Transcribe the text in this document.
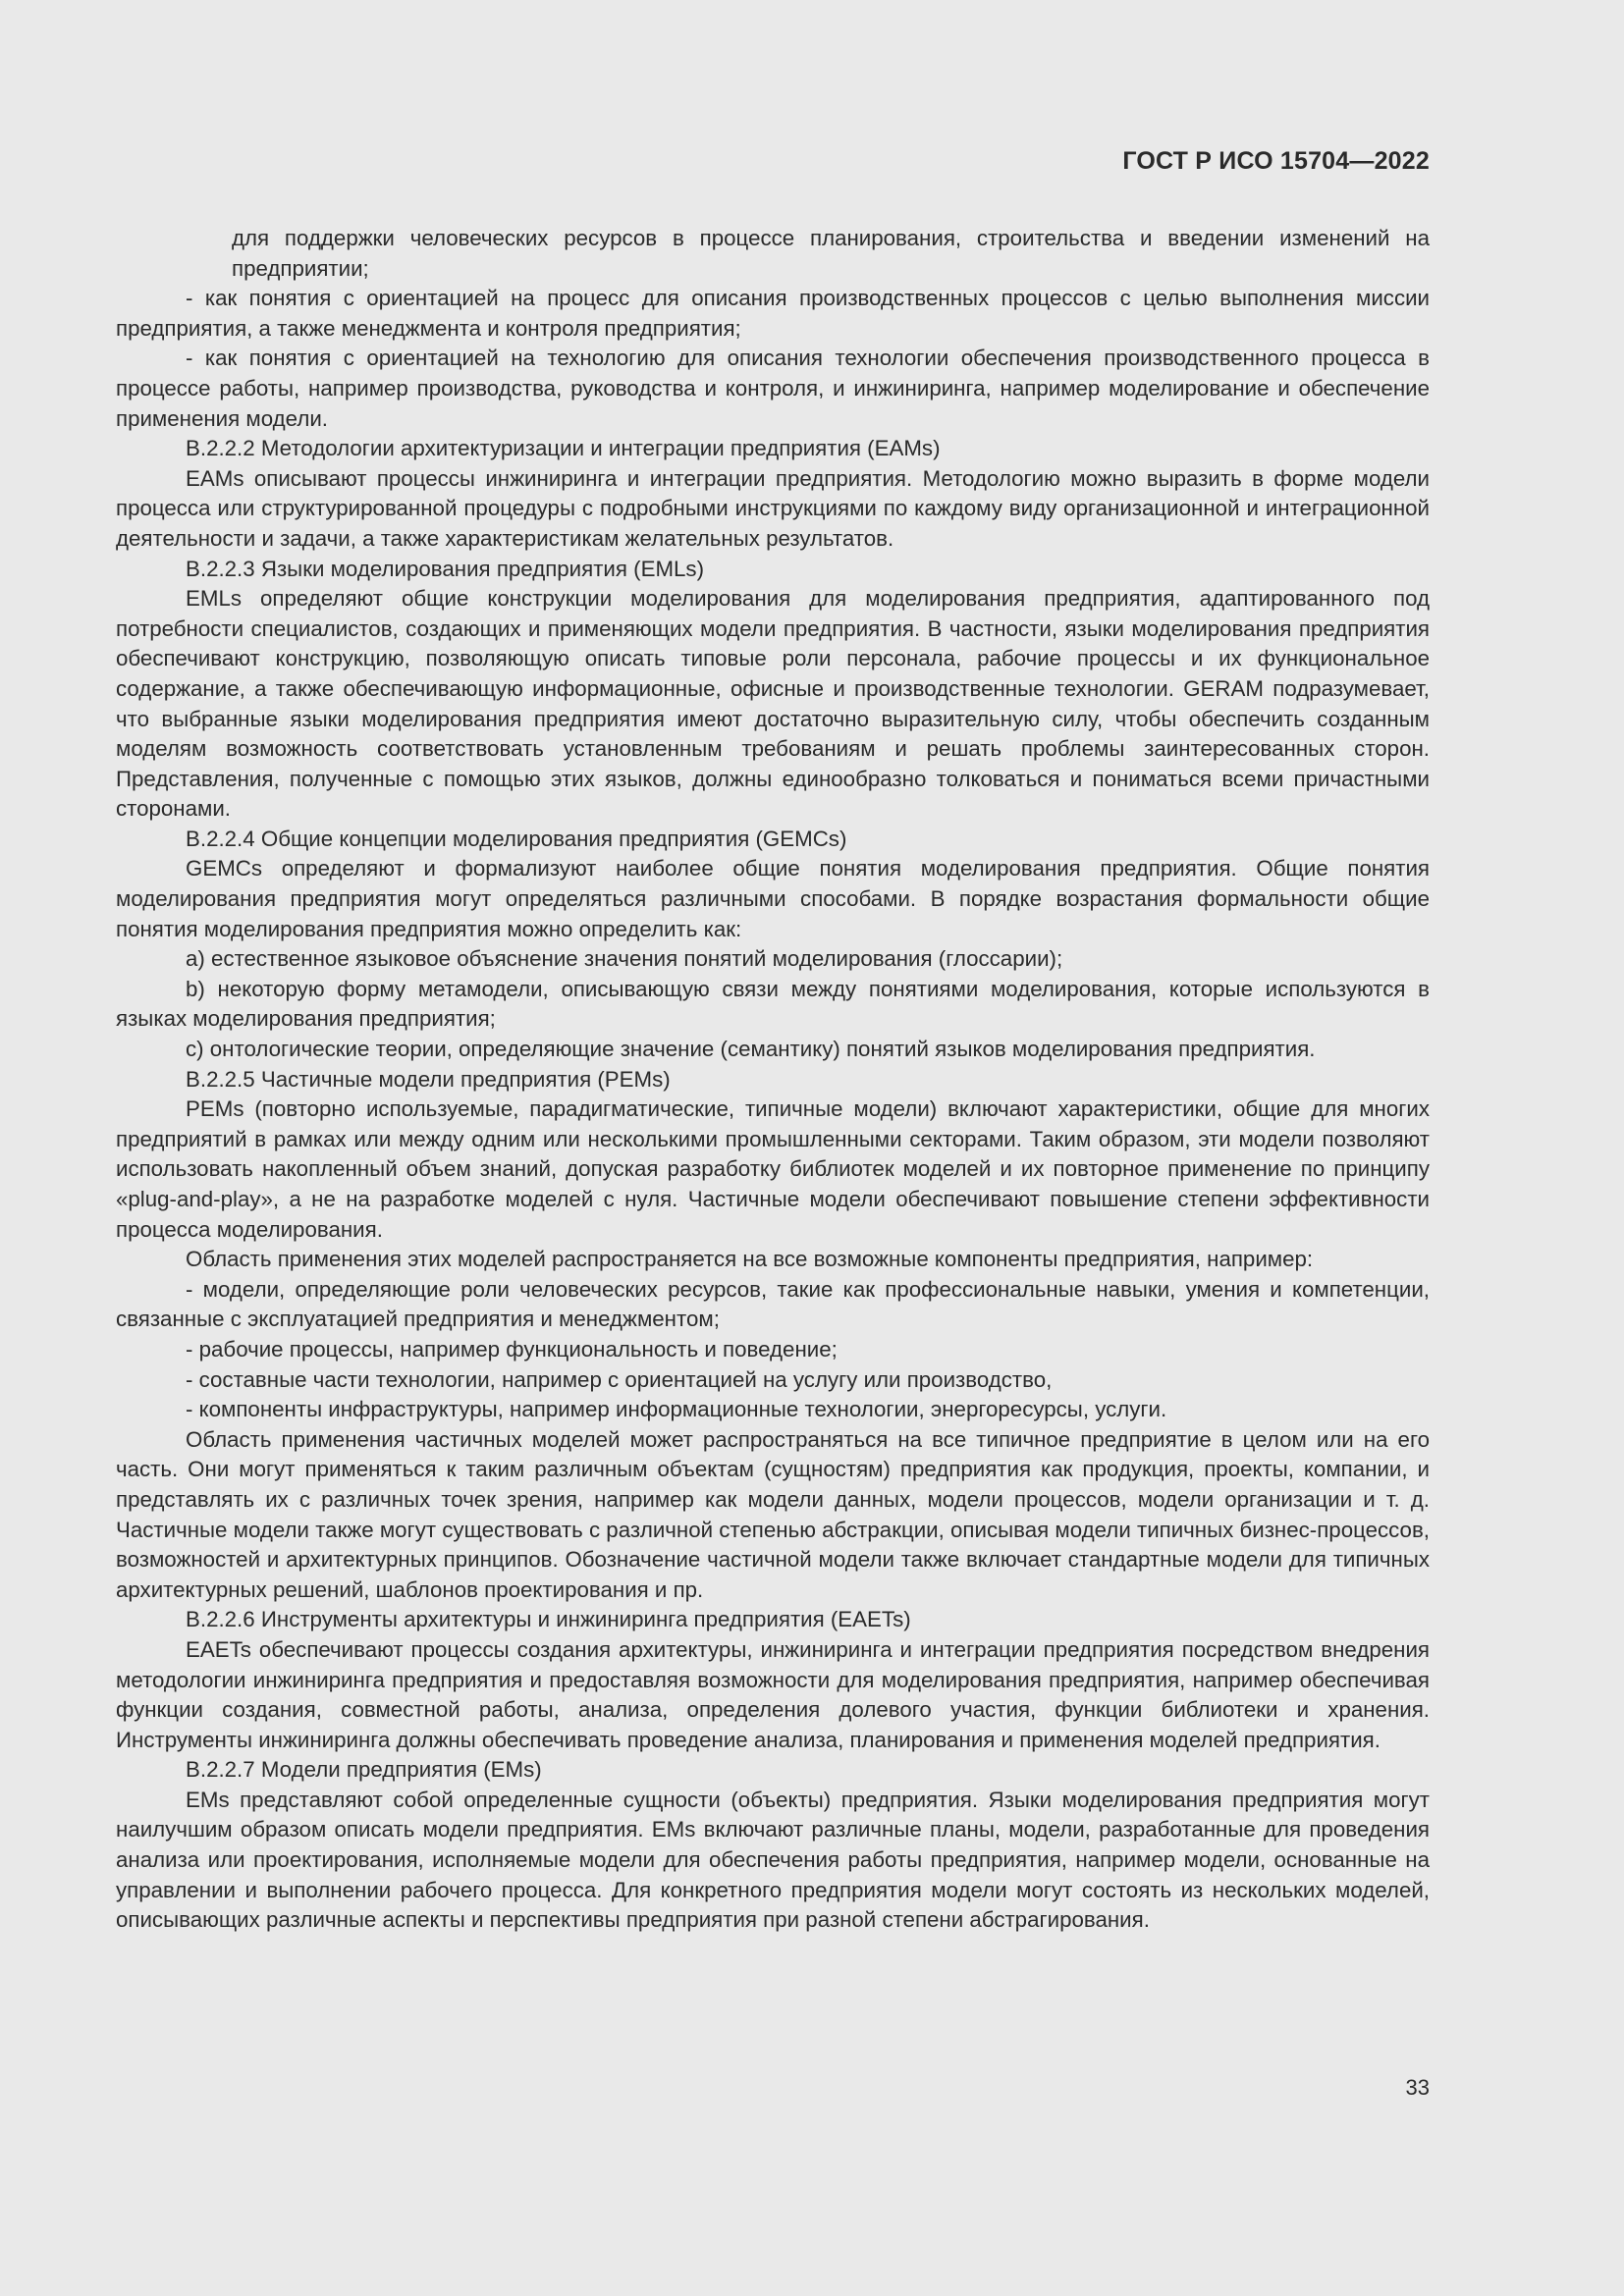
ГОСТ Р ИСО 15704—2022

для поддержки человеческих ресурсов в процессе планирования, строительства и введении изменений на предприятии;

- как понятия с ориентацией на процесс для описания производственных процессов с целью выполнения миссии предприятия, а также менеджмента и контроля предприятия;

- как понятия с ориентацией на технологию для описания технологии обеспечения производственного процесса в процессе работы, например производства, руководства и контроля, и инжиниринга, например моделирование и обеспечение применения модели.

B.2.2.2 Методологии архитектуризации и интеграции предприятия (EAMs)

EAMs описывают процессы инжиниринга и интеграции предприятия. Методологию можно выразить в форме модели процесса или структурированной процедуры с подробными инструкциями по каждому виду организационной и интеграционной деятельности и задачи, а также характеристикам желательных результатов.

B.2.2.3 Языки моделирования предприятия (EMLs)

EMLs определяют общие конструкции моделирования для моделирования предприятия, адаптированного под потребности специалистов, создающих и применяющих модели предприятия. В частности, языки моделирования предприятия обеспечивают конструкцию, позволяющую описать типовые роли персонала, рабочие процессы и их функциональное содержание, а также обеспечивающую информационные, офисные и производственные технологии. GERAM подразумевает, что выбранные языки моделирования предприятия имеют достаточно выразительную силу, чтобы обеспечить созданным моделям возможность соответствовать установленным требованиям и решать проблемы заинтересованных сторон. Представления, полученные с помощью этих языков, должны единообразно толковаться и пониматься всеми причастными сторонами.

B.2.2.4 Общие концепции моделирования предприятия (GEMCs)

GEMCs определяют и формализуют наиболее общие понятия моделирования предприятия. Общие понятия моделирования предприятия могут определяться различными способами. В порядке возрастания формальности общие понятия моделирования предприятия можно определить как:

a) естественное языковое объяснение значения понятий моделирования (глоссарии);

b) некоторую форму метамодели, описывающую связи между понятиями моделирования, которые используются в языках моделирования предприятия;

c) онтологические теории, определяющие значение (семантику) понятий языков моделирования предприятия.

B.2.2.5 Частичные модели предприятия (PEMs)

PEMs (повторно используемые, парадигматические, типичные модели) включают характеристики, общие для многих предприятий в рамках или между одним или несколькими промышленными секторами. Таким образом, эти модели позволяют использовать накопленный объем знаний, допуская разработку библиотек моделей и их повторное применение по принципу «plug-and-play», а не на разработке моделей с нуля. Частичные модели обеспечивают повышение степени эффективности процесса моделирования.

Область применения этих моделей распространяется на все возможные компоненты предприятия, например:

- модели, определяющие роли человеческих ресурсов, такие как профессиональные навыки, умения и компетенции, связанные с эксплуатацией предприятия и менеджментом;

- рабочие процессы, например функциональность и поведение;

- составные части технологии, например с ориентацией на услугу или производство,

- компоненты инфраструктуры, например информационные технологии, энергоресурсы, услуги.

Область применения частичных моделей может распространяться на все типичное предприятие в целом или на его часть. Они могут применяться к таким различным объектам (сущностям) предприятия как продукция, проекты, компании, и представлять их с различных точек зрения, например как модели данных, модели процессов, модели организации и т. д. Частичные модели также могут существовать с различной степенью абстракции, описывая модели типичных бизнес-процессов, возможностей и архитектурных принципов. Обозначение частичной модели также включает стандартные модели для типичных архитектурных решений, шаблонов проектирования и пр.

B.2.2.6 Инструменты архитектуры и инжиниринга предприятия (EAETs)

EAETs обеспечивают процессы создания архитектуры, инжиниринга и интеграции предприятия посредством внедрения методологии инжиниринга предприятия и предоставляя возможности для моделирования предприятия, например обеспечивая функции создания, совместной работы, анализа, определения долевого участия, функции библиотеки и хранения. Инструменты инжиниринга должны обеспечивать проведение анализа, планирования и применения моделей предприятия.

B.2.2.7 Модели предприятия (EMs)

EMs представляют собой определенные сущности (объекты) предприятия. Языки моделирования предприятия могут наилучшим образом описать модели предприятия. EMs включают различные планы, модели, разработанные для проведения анализа или проектирования, исполняемые модели для обеспечения работы предприятия, например модели, основанные на управлении и выполнении рабочего процесса. Для конкретного предприятия модели могут состоять из нескольких моделей, описывающих различные аспекты и перспективы предприятия при разной степени абстрагирования.

33
